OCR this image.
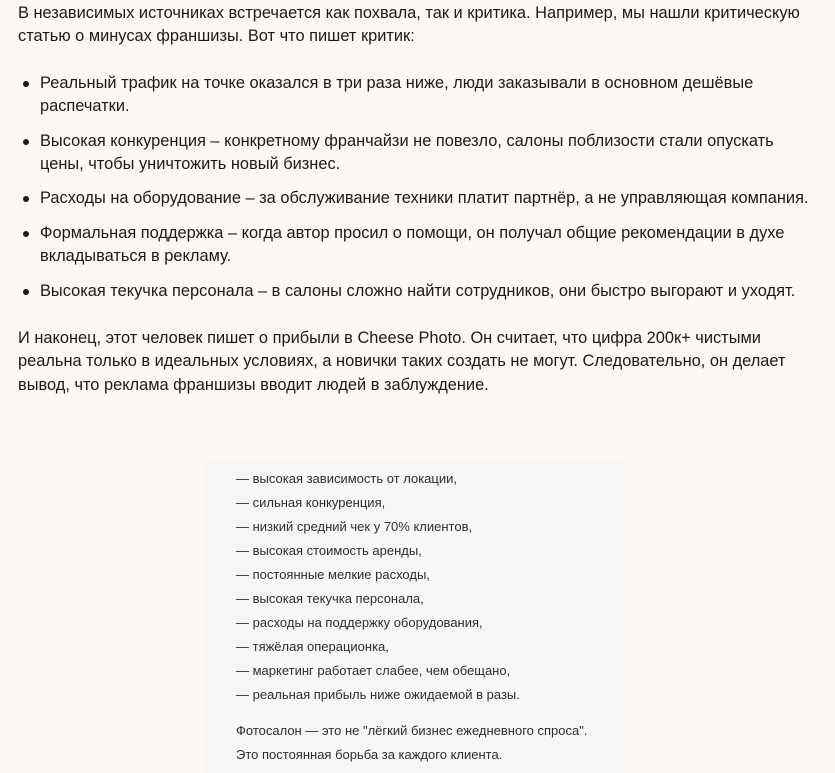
В независимых источниках встречается как похвала, так и критика. Например, мы нашли критическую статью о минусах франшизы. Вот что пишет критик:

Реальный трафик на точке оказался в три раза ниже, люди заказывали в основном дешёвые распечатки.
Высокая конкуренция – конкретному франчайзи не повезло, салоны поблизости стали опускать цены, чтобы уничтожить новый бизнес.
Расходы на оборудование – за обслуживание техники платит партнёр, а не управляющая компания.
Формальная поддержка – когда автор просил о помощи, он получал общие рекомендации в духе вкладываться в рекламу.
Высокая текучка персонала – в салоны сложно найти сотрудников, они быстро выгорают и уходят.

И наконец, этот человек пишет о прибыли в Cheese Photo. Он считает, что цифра 200к+ чистыми реальна только в идеальных условиях, а новички таких создать не могут. Следовательно, он делает вывод, что реклама франшизы вводит людей в заблуждение.

— высокая зависимость от локации,
— сильная конкуренция,
— низкий средний чек у 70% клиентов,
— высокая стоимость аренды,
— постоянные мелкие расходы,
— высокая текучка персонала,
— расходы на поддержку оборудования,
— тяжёлая операционка,
— маркетинг работает слабее, чем обещано,
— реальная прибыль ниже ожидаемой в разы.

Фотосалон — это не "лёгкий бизнес ежедневного спроса".

Это постоянная борьба за каждого клиента.
